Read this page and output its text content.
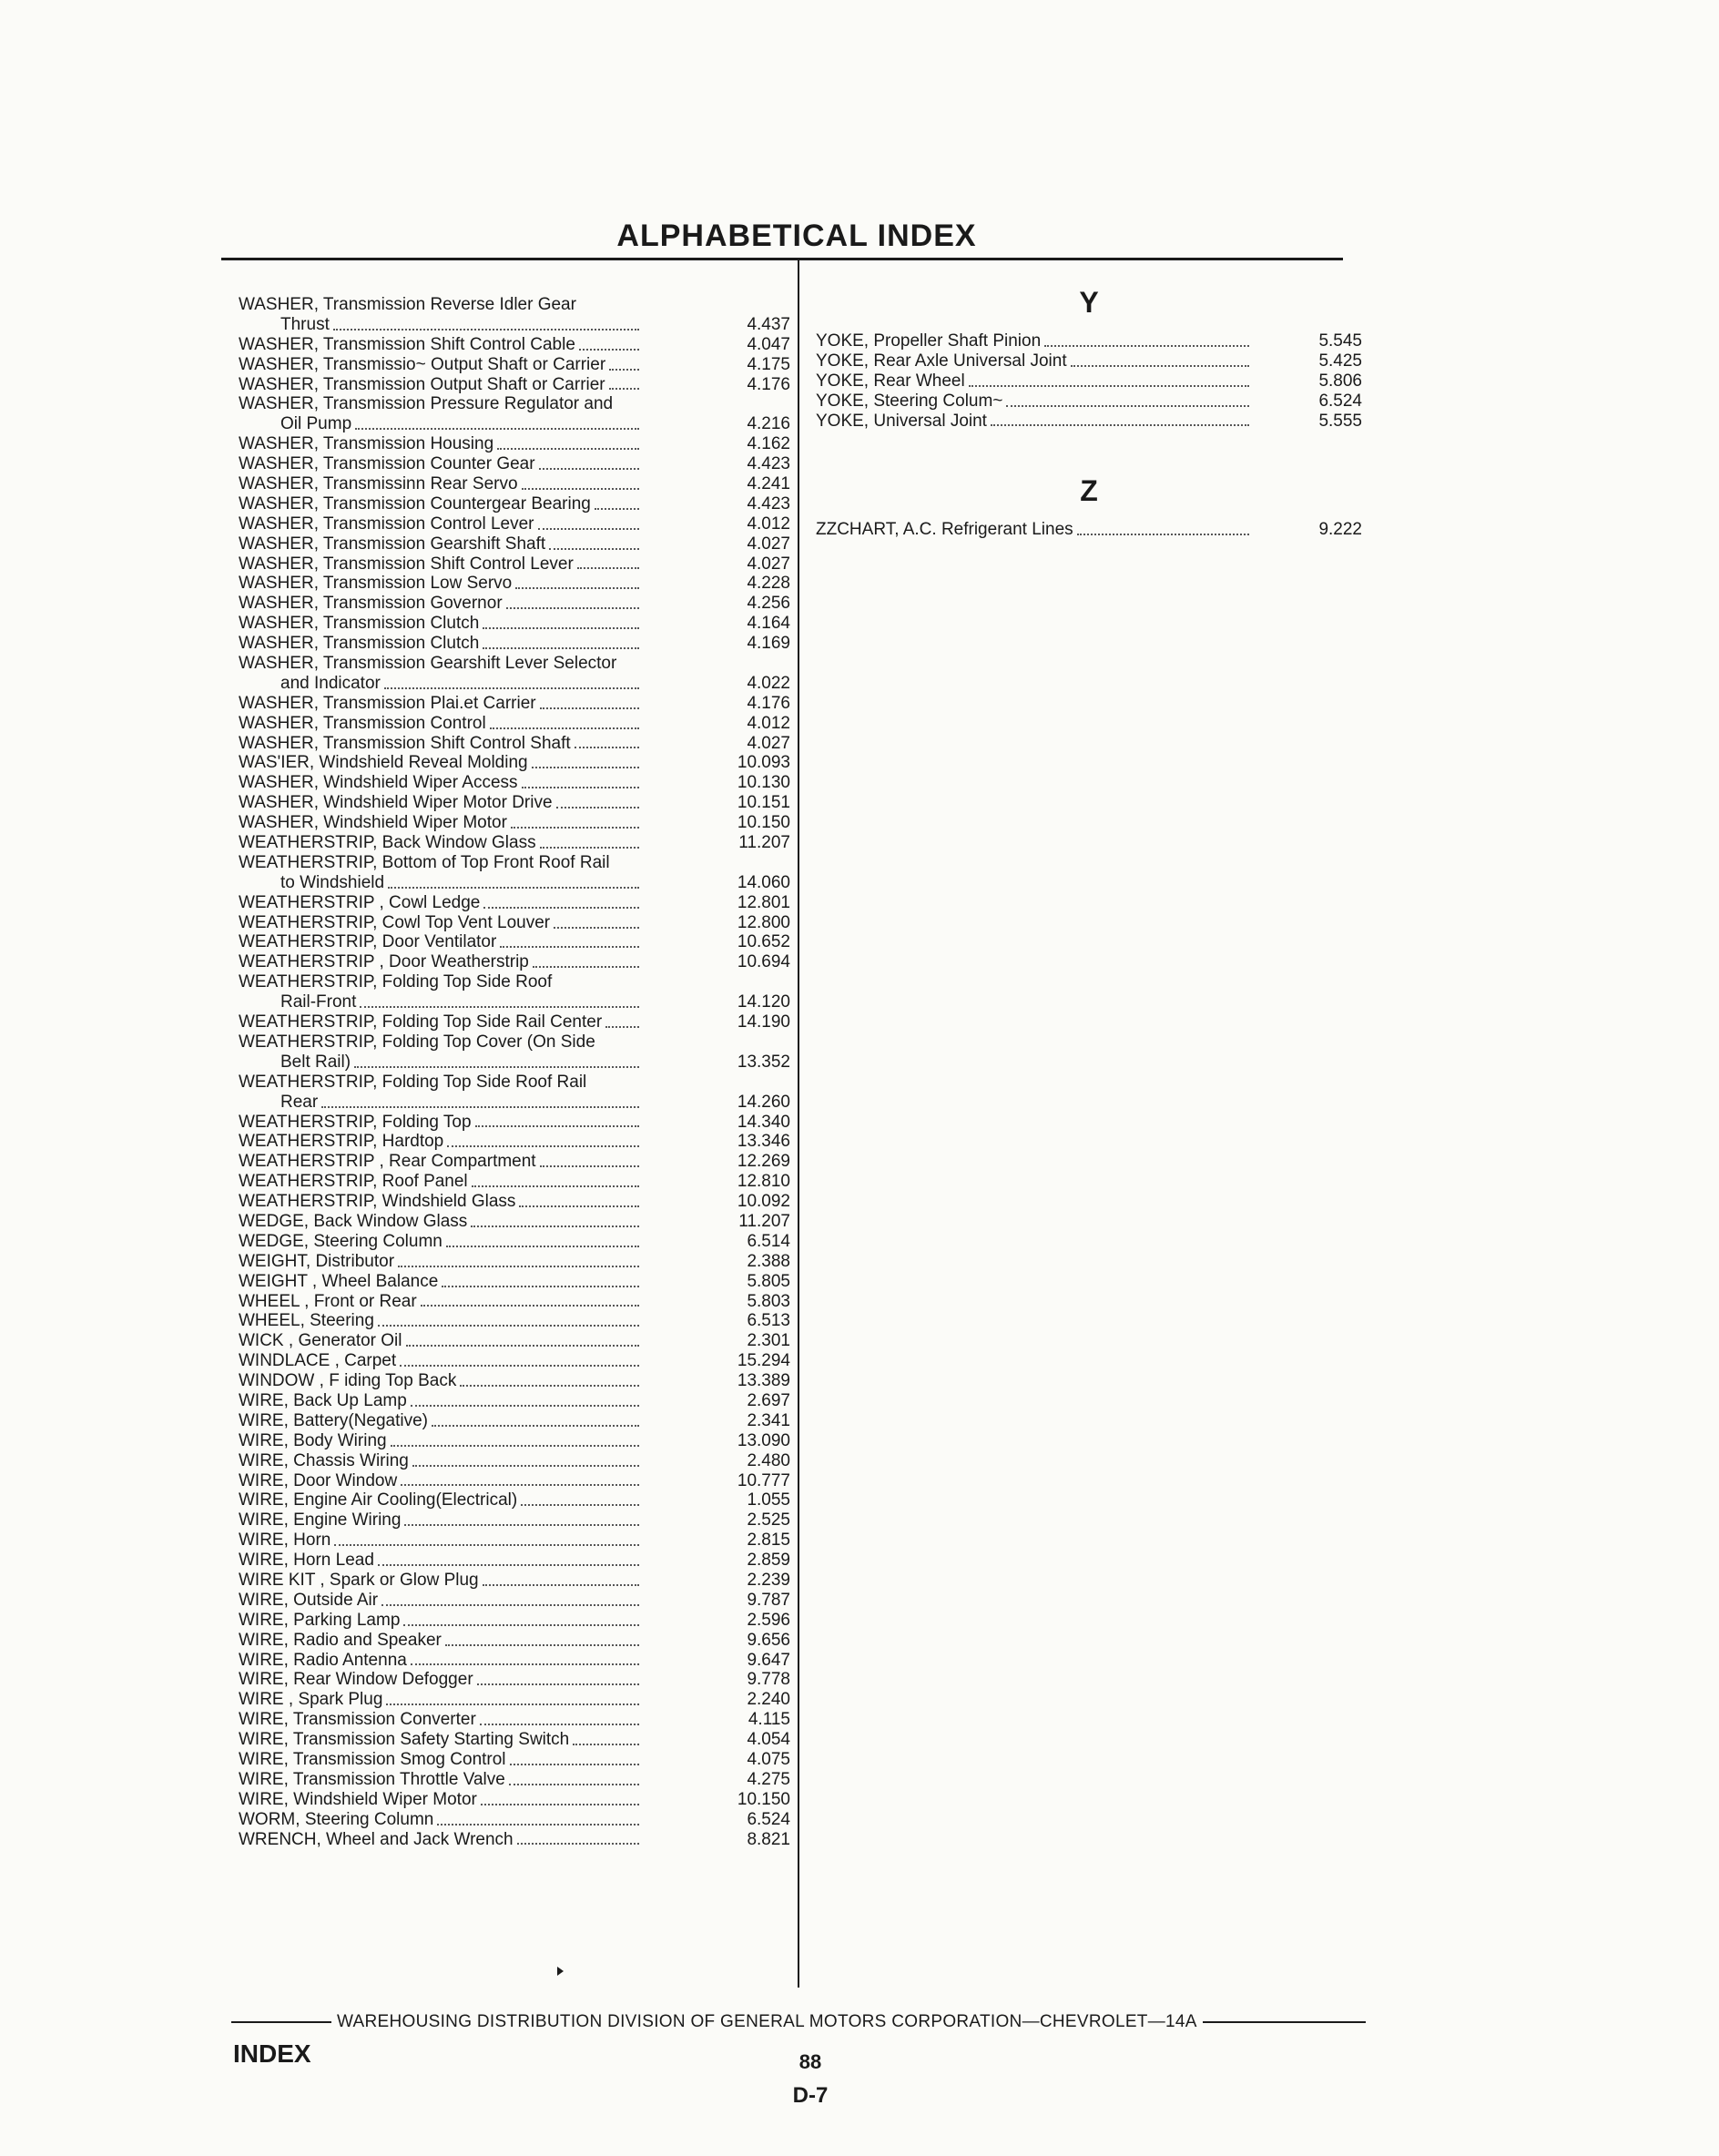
ALPHABETICAL INDEX
WASHER, Transmission Reverse Idler Gear
Thrust	4.437
WASHER, Transmission Shift Control Cable	4.047
WASHER, Transmissio~ Output Shaft or Carrier	4.175
WASHER, Transmission Output Shaft or Carrier	4.176
WASHER, Transmission Pressure Regulator and
Oil Pump	4.216
WASHER, Transmission Housing	4.162
WASHER, Transmission Counter Gear	4.423
WASHER, Transmissinn Rear Servo	4.241
WASHER, Transmission Countergear Bearing	4.423
WASHER, Transmission Control Lever	4.012
WASHER, Transmission Gearshift Shaft	4.027
WASHER, Transmission Shift Control Lever	4.027
WASHER, Transmission Low Servo	4.228
WASHER, Transmission Governor	4.256
WASHER, Transmission Clutch	4.164
WASHER, Transmission Clutch	4.169
WASHER, Transmission Gearshift Lever Selector
and Indicator	4.022
WASHER, Transmission Plai.et Carrier	4.176
WASHER, Transmission Control	4.012
WASHER, Transmission Shift Control Shaft	4.027
WAS'IER, Windshield Reveal Molding	10.093
WASHER, Windshield Wiper Access	10.130
WASHER, Windshield Wiper Motor Drive	10.151
WASHER, Windshield Wiper Motor	10.150
WEATHERSTRIP, Back Window Glass	11.207
WEATHERSTRIP, Bottom of Top Front Roof Rail
to Windshield	14.060
WEATHERSTRIP , Cowl Ledge	12.801
WEATHERSTRIP, Cowl Top Vent Louver	12.800
WEATHERSTRIP, Door Ventilator	10.652
WEATHERSTRIP , Door Weatherstrip	10.694
WEATHERSTRIP, Folding Top Side Roof
Rail-Front	14.120
WEATHERSTRIP, Folding Top Side Rail Center	14.190
WEATHERSTRIP, Folding Top Cover (On Side
Belt Rail)	13.352
WEATHERSTRIP, Folding Top Side Roof Rail
Rear	14.260
WEATHERSTRIP, Folding Top	14.340
WEATHERSTRIP, Hardtop	13.346
WEATHERSTRIP , Rear Compartment	12.269
WEATHERSTRIP, Roof Panel	12.810
WEATHERSTRIP, Windshield Glass	10.092
WEDGE, Back Window Glass	11.207
WEDGE, Steering Column	6.514
WEIGHT, Distributor	2.388
WEIGHT , Wheel Balance	5.805
WHEEL , Front or Rear	5.803
WHEEL, Steering	6.513
WICK , Generator Oil	2.301
WINDLACE , Carpet	15.294
WINDOW , F iding Top Back	13.389
WIRE, Back Up Lamp	2.697
WIRE, Battery(Negative)	2.341
WIRE, Body Wiring	13.090
WIRE, Chassis Wiring	2.480
WIRE, Door Window	10.777
WIRE, Engine Air Cooling(Electrical)	1.055
WIRE, Engine Wiring	2.525
WIRE, Horn	2.815
WIRE, Horn Lead	2.859
WIRE KIT , Spark or Glow Plug	2.239
WIRE, Outside Air	9.787
WIRE, Parking Lamp	2.596
WIRE, Radio and Speaker	9.656
WIRE, Radio Antenna	9.647
WIRE, Rear Window Defogger	9.778
WIRE , Spark Plug	2.240
WIRE, Transmission Converter	4.115
WIRE, Transmission Safety Starting Switch	4.054
WIRE, Transmission Smog Control	4.075
WIRE, Transmission Throttle Valve	4.275
WIRE, Windshield Wiper Motor	10.150
WORM, Steering Column	6.524
WRENCH, Wheel and Jack Wrench	8.821
Y
YOKE, Propeller Shaft Pinion	5.545
YOKE, Rear Axle Universal Joint	5.425
YOKE, Rear Wheel	5.806
YOKE, Steering Colum~	6.524
YOKE, Universal Joint	5.555
Z
ZZCHART, A.C. Refrigerant Lines	9.222
WAREHOUSING DISTRIBUTION DIVISION OF GENERAL MOTORS CORPORATION—CHEVROLET—14A
INDEX	88
D-7
